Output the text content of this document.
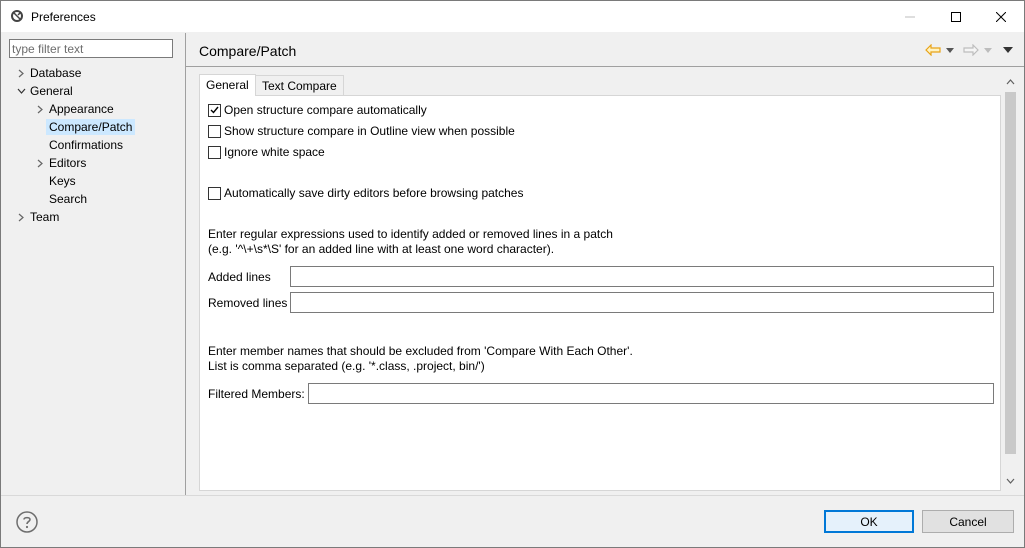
Preferences
type filter text
Database
General
Appearance
Compare/Patch
Confirmations
Editors
Keys
Search
Team
Compare/Patch
General	Text Compare
Open structure compare automatically
Show structure compare in Outline view when possible
Ignore white space
Automatically save dirty editors before browsing patches
Enter regular expressions used to identify added or removed lines in a patch
(e.g. '^\+\s*\S' for an added line with at least one word character).
Added lines
Removed lines
Enter member names that should be excluded from 'Compare With Each Other'.
List is comma separated (e.g. '*.class, .project, bin/')
Filtered Members:
OK	Cancel
